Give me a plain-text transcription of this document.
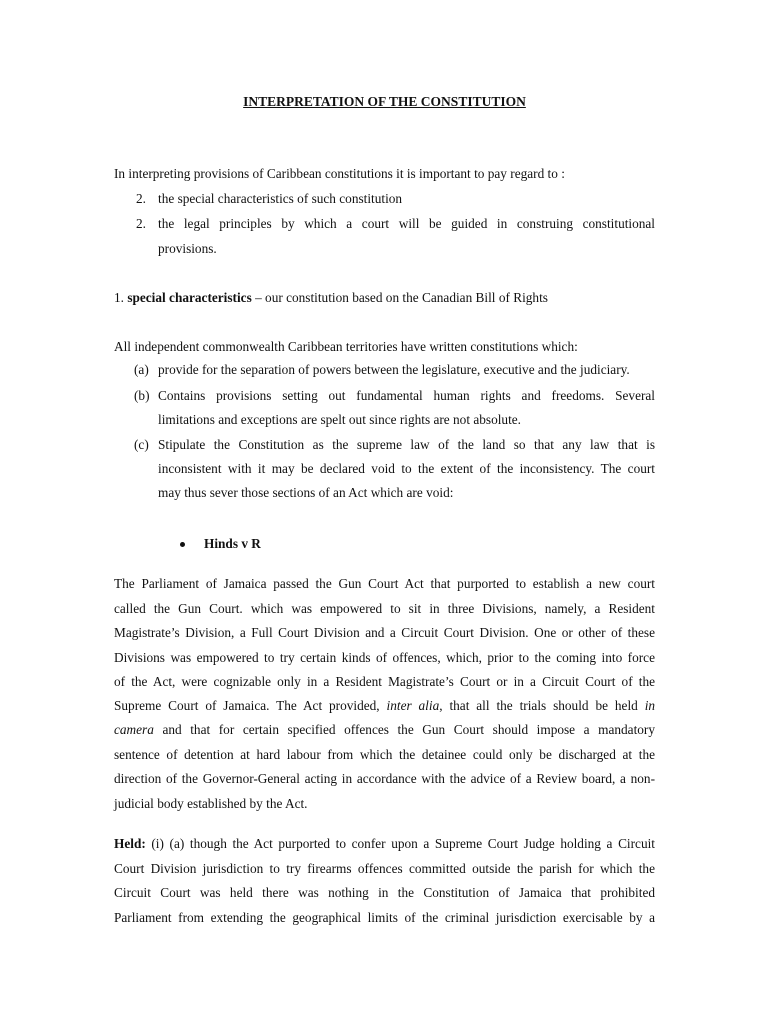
INTERPRETATION OF THE CONSTITUTION
In interpreting provisions of Caribbean constitutions it is important to pay regard to :
2. the special characteristics of such constitution
2. the legal principles by which a court will be guided in construing constitutional
provisions.
1. special characteristics – our constitution based on the Canadian Bill of Rights
All independent commonwealth Caribbean territories have written constitutions which:
(a) provide for the separation of powers between the legislature, executive and the judiciary.
(b) Contains provisions setting out fundamental human rights and freedoms. Several
limitations and exceptions are spelt out since rights are not absolute.
(c) Stipulate the Constitution as the supreme law of the land so that any law that is
inconsistent with it may be declared void to the extent of the inconsistency. The court
may thus sever those sections of an Act which are void:
Hinds v R
The Parliament of Jamaica passed the Gun Court Act that purported to establish a new court
called the Gun Court. which was empowered to sit in three Divisions, namely, a Resident
Magistrate’s Division, a Full Court Division and a Circuit Court Division. One or other of these
Divisions was empowered to try certain kinds of offences, which, prior to the coming into force
of the Act, were cognizable only in a Resident Magistrate’s Court or in a Circuit Court of the
Supreme Court of Jamaica. The Act provided, inter alia, that all the trials should be held in
camera and that for certain specified offences the Gun Court should impose a mandatory
sentence of detention at hard labour from which the detainee could only be discharged at the
direction of the Governor-General acting in accordance with the advice of a Review board, a non-
judicial body established by the Act.
Held: (i) (a) though the Act purported to confer upon a Supreme Court Judge holding a Circuit
Court Division jurisdiction to try firearms offences committed outside the parish for which the
Circuit Court was held there was nothing in the Constitution of Jamaica that prohibited
Parliament from extending the geographical limits of the criminal jurisdiction exercisable by a
